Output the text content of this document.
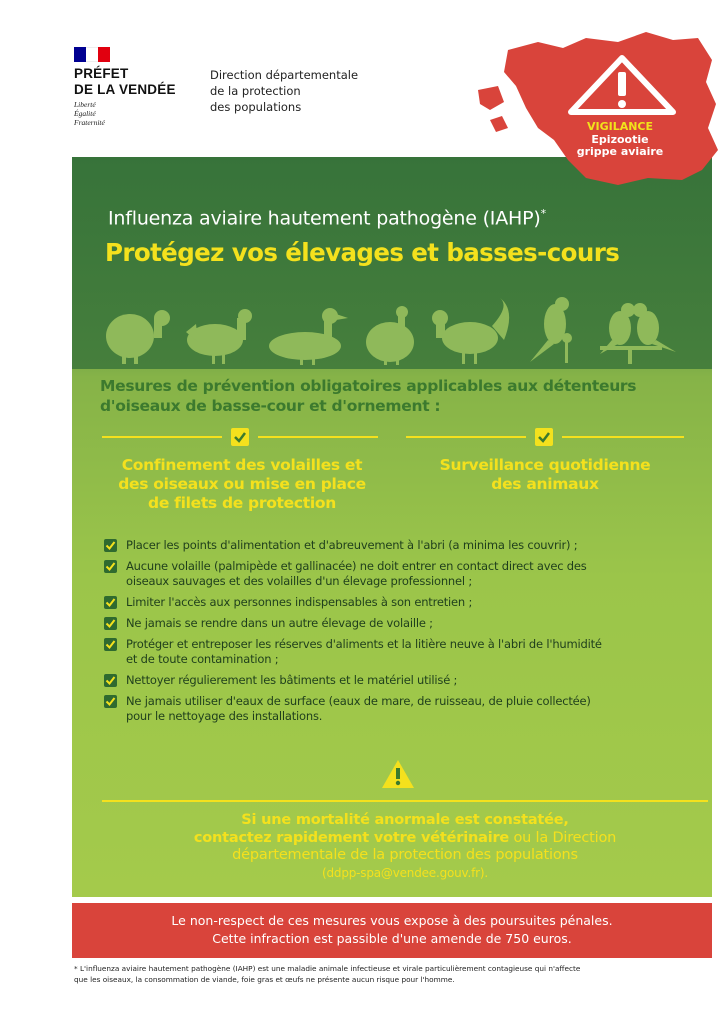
PRÉFET
DE LA VENDÉE
Liberté
Égalité
Fraternité
Direction départementale
de la protection
des populations
VIGILANCE
Epizootie
grippe aviaire
Influenza aviaire hautement pathogène (IAHP)*
Protégez vos élevages et basses-cours
Mesures de prévention obligatoires applicables aux détenteurs
d'oiseaux de basse-cour et d'ornement :
Confinement des volailles et
des oiseaux ou mise en place
de filets de protection
Surveillance quotidienne
des animaux
Placer les points d'alimentation et d'abreuvement à l'abri (a minima les couvrir) ;
Aucune volaille (palmipède et gallinacée) ne doit entrer en contact direct avec des
oiseaux sauvages et des volailles d'un élevage professionnel ;
Limiter l'accès aux personnes indispensables à son entretien ;
Ne jamais se rendre dans un autre élevage de volaille ;
Protéger et entreposer les réserves d'aliments et la litière neuve à l'abri de l'humidité
et de toute contamination ;
Nettoyer régulierement les bâtiments et le matériel utilisé ;
Ne jamais utiliser d'eaux de surface (eaux de mare, de ruisseau, de pluie collectée)
pour le nettoyage des installations.
Si une mortalité anormale est constatée,
contactez rapidement votre vétérinaire ou la Direction
départementale de la protection des populations
(ddpp-spa@vendee.gouv.fr).
Le non-respect de ces mesures vous expose à des poursuites pénales.
Cette infraction est passible d'une amende de 750 euros.
* L'influenza aviaire hautement pathogène (IAHP) est une maladie animale infectieuse et virale particulièrement contagieuse qui n'affecte
que les oiseaux, la consommation de viande, foie gras et œufs ne présente aucun risque pour l'homme.
